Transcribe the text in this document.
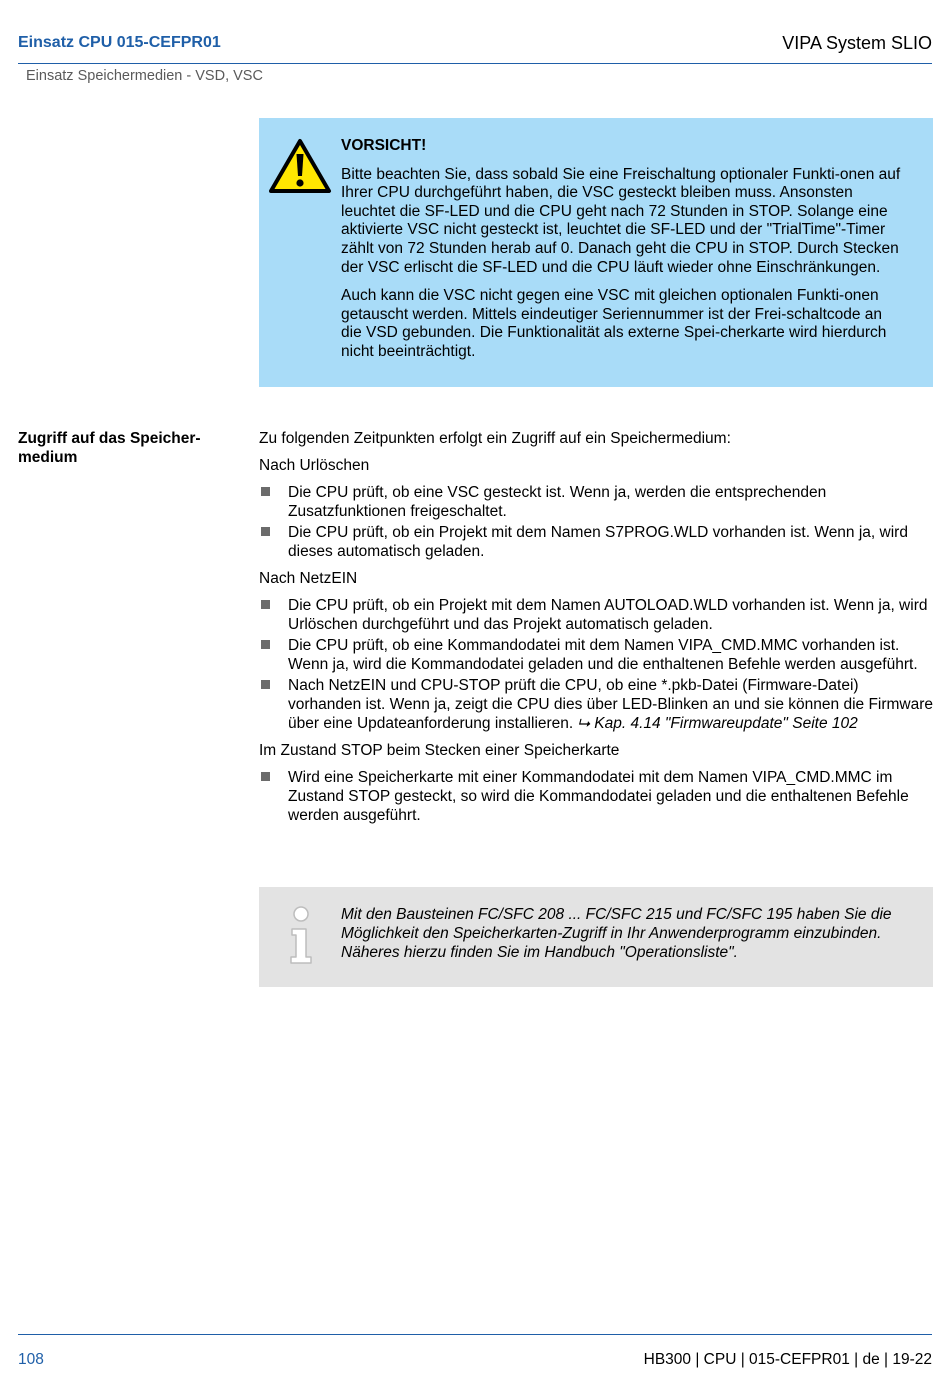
Einsatz CPU 015-CEFPR01	VIPA System SLIO
Einsatz Speichermedien - VSD, VSC

VORSICHT!

Bitte beachten Sie, dass sobald Sie eine Freischaltung optionaler Funkti-onen auf Ihrer CPU durchgeführt haben, die VSC gesteckt bleiben muss. Ansonsten leuchtet die SF-LED und die CPU geht nach 72 Stunden in STOP. Solange eine aktivierte VSC nicht gesteckt ist, leuchtet die SF-LED und der "TrialTime"-Timer zählt von 72 Stunden herab auf 0. Danach geht die CPU in STOP. Durch Stecken der VSC erlischt die SF-LED und die CPU läuft wieder ohne Einschränkungen.

Auch kann die VSC nicht gegen eine VSC mit gleichen optionalen Funkti-onen getauscht werden. Mittels eindeutiger Seriennummer ist der Frei-schaltcode an die VSD gebunden. Die Funktionalität als externe Spei-cherkarte wird hierdurch nicht beeinträchtigt.

Zugriff auf das Speicher-medium

Zu folgenden Zeitpunkten erfolgt ein Zugriff auf ein Speichermedium:

Nach Urlöschen

Die CPU prüft, ob eine VSC gesteckt ist. Wenn ja, werden die entsprechenden Zusatzfunktionen freigeschaltet.
Die CPU prüft, ob ein Projekt mit dem Namen S7PROG.WLD vorhanden ist. Wenn ja, wird dieses automatisch geladen.

Nach NetzEIN

Die CPU prüft, ob ein Projekt mit dem Namen AUTOLOAD.WLD vorhanden ist. Wenn ja, wird Urlöschen durchgeführt und das Projekt automatisch geladen.
Die CPU prüft, ob eine Kommandodatei mit dem Namen VIPA_CMD.MMC vorhanden ist. Wenn ja, wird die Kommandodatei geladen und die enthaltenen Befehle werden ausgeführt.
Nach NetzEIN und CPU-STOP prüft die CPU, ob eine *.pkb-Datei (Firmware-Datei) vorhanden ist. Wenn ja, zeigt die CPU dies über LED-Blinken an und sie können die Firmware über eine Updateanforderung installieren. ⮡ Kap. 4.14 "Firmwareupdate" Seite 102

Im Zustand STOP beim Stecken einer Speicherkarte

Wird eine Speicherkarte mit einer Kommandodatei mit dem Namen VIPA_CMD.MMC im Zustand STOP gesteckt, so wird die Kommandodatei geladen und die enthaltenen Befehle werden ausgeführt.
Mit den Bausteinen FC/SFC 208 ... FC/SFC 215 und FC/SFC 195 haben Sie die Möglichkeit den Speicherkarten-Zugriff in Ihr Anwenderprogramm einzubinden. Näheres hierzu finden Sie im Handbuch "Operationsliste".
108	HB300 | CPU | 015-CEFPR01 | de | 19-22
